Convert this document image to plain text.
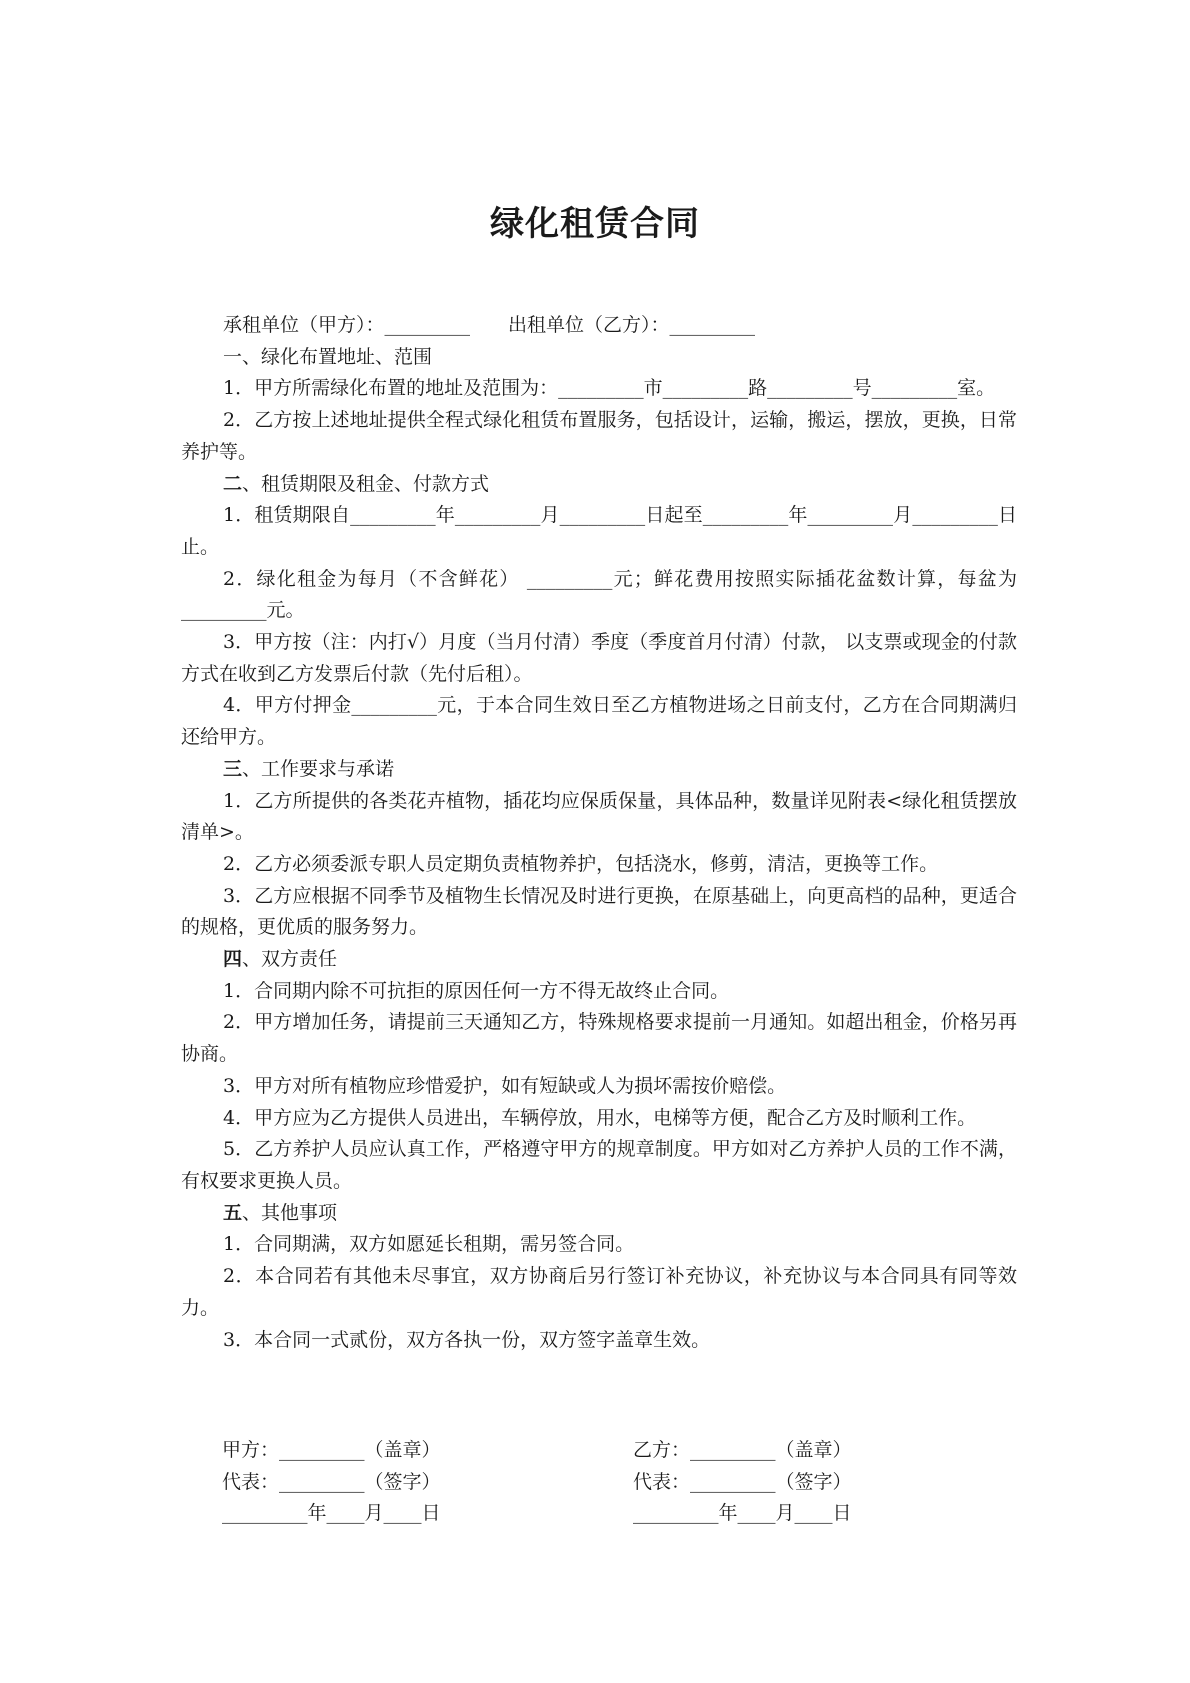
绿化租赁合同

承租单位（甲方）：_________　　出租单位（乙方）：_________

一、绿化布置地址、范围

1．甲方所需绿化布置的地址及范围为：_________市_________路_________号_________室。

2．乙方按上述地址提供全程式绿化租赁布置服务，包括设计，运输，搬运，摆放，更换，日常养护等。

二、租赁期限及租金、付款方式

1．租赁期限自_________年_________月_________日起至_________年_________月_________日止。

2．绿化租金为每月（不含鲜花） _________元；鲜花费用按照实际插花盆数计算，每盆为_________元。

3．甲方按（注：内打√）月度（当月付清）季度（季度首月付清）付款， 以支票或现金的付款方式在收到乙方发票后付款（先付后租）。

4．甲方付押金_________元，于本合同生效日至乙方植物进场之日前支付，乙方在合同期满归还给甲方。

三、工作要求与承诺

1．乙方所提供的各类花卉植物，插花均应保质保量，具体品种，数量详见附表<绿化租赁摆放清单>。

2．乙方必须委派专职人员定期负责植物养护，包括浇水，修剪，清洁，更换等工作。

3．乙方应根据不同季节及植物生长情况及时进行更换，在原基础上，向更高档的品种，更适合的规格，更优质的服务努力。

四、双方责任

1．合同期内除不可抗拒的原因任何一方不得无故终止合同。

2．甲方增加任务，请提前三天通知乙方，特殊规格要求提前一月通知。如超出租金，价格另再协商。

3．甲方对所有植物应珍惜爱护，如有短缺或人为损坏需按价赔偿。

4．甲方应为乙方提供人员进出，车辆停放，用水，电梯等方便，配合乙方及时顺利工作。

5．乙方养护人员应认真工作，严格遵守甲方的规章制度。甲方如对乙方养护人员的工作不满，有权要求更换人员。

五、其他事项

1．合同期满，双方如愿延长租期，需另签合同。

2．本合同若有其他未尽事宜，双方协商后另行签订补充协议，补充协议与本合同具有同等效力。

3．本合同一式贰份，双方各执一份，双方签字盖章生效。

甲方：_________（盖章）	乙方：_________（盖章）
代表：_________（签字）	代表：_________（签字）
_________年____月____日	_________年____月____日
